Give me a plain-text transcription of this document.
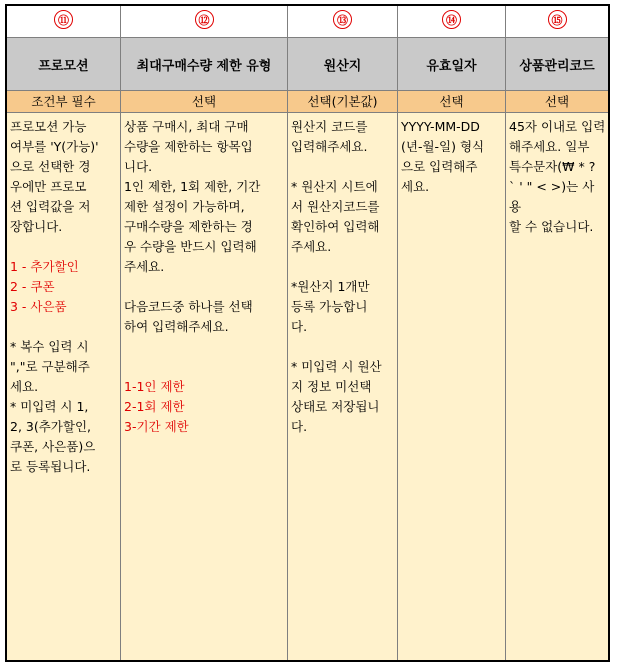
⑪
프로모션
조건부 필수
프로모션 가능
여부를 'Y(가능)'
으로 선택한 경
우에만 프로모
션 입력값을 저
장합니다.
1 - 추가할인
2 - 쿠폰
3 - 사은품
* 복수 입력 시
","로 구분해주
세요.
* 미입력 시 1,
2, 3(추가할인,
쿠폰, 사은품)으
로 등록됩니다.
⑫
최대구매수량 제한 유형
선택
상품 구매시, 최대 구매
수량을 제한하는 항목입
니다.
1인 제한, 1회 제한, 기간
제한 설정이 가능하며,
구매수량을 제한하는 경
우 수량을 반드시 입력해
주세요.
다음코드중 하나를 선택
하여 입력해주세요.
1-1인 제한
2-1회 제한
3-기간 제한
⑬
원산지
선택(기본값)
원산지 코드를
입력해주세요.
* 원산지 시트에
서 원산지코드를
확인하여 입력해
주세요.
*원산지 1개만
등록 가능합니
다.
* 미입력 시 원산
지 정보 미선택
상태로 저장됩니
다.
⑭
유효일자
선택
YYYY-MM-DD
(년-월-일) 형식
으로 입력해주
세요.
⑮
상품관리코드
선택
45자 이내로 입력
해주세요. 일부
특수문자(₩ * ?
` ' " < >)는 사
용
할 수 없습니다.
